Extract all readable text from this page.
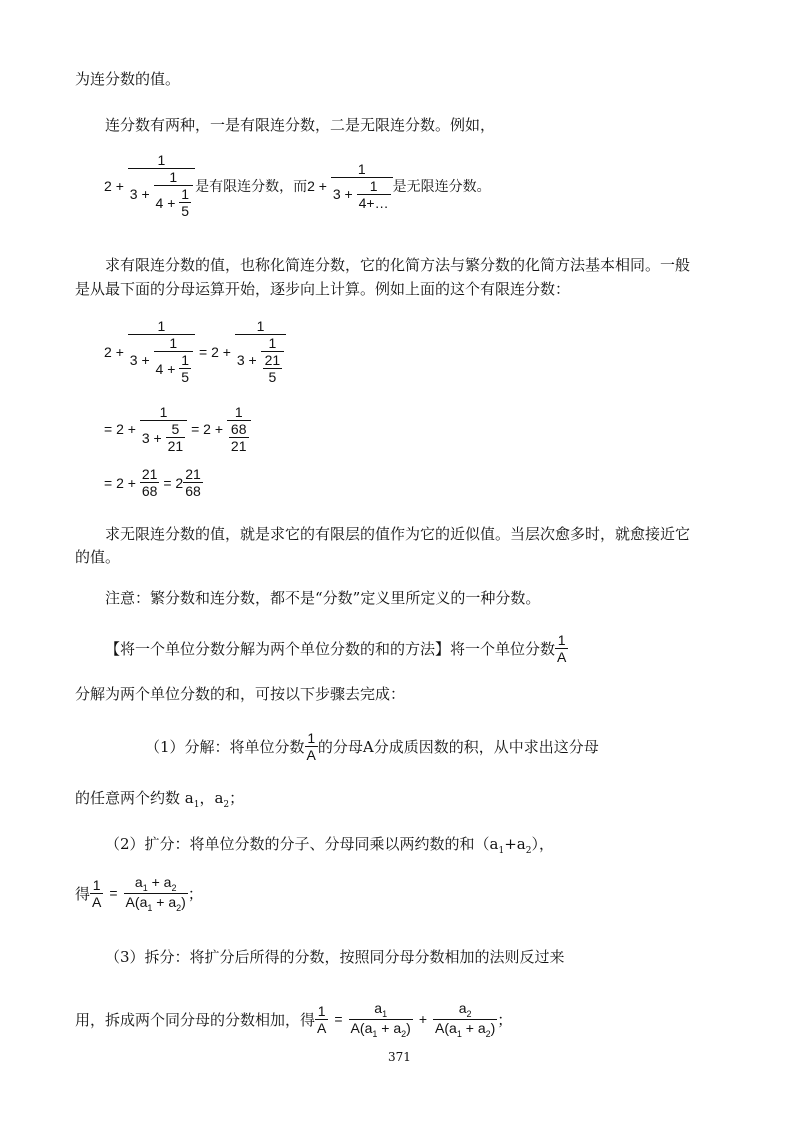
为连分数的值。
连分数有两种，一是有限连分数，二是无限连分数。例如，
2
+

1
3
+
1
4
+
$\frac{1}{5}$ 是有限连分数，而 2
+
1
3
+
$\frac{1}{4+\dots}$ 是无限连分数。
求有限连分数的值，也称化简连分数，它的化简方法与繁分数的化简方法基本相同。一般
是从最下面的分母运算开始，逐步向上计算。例如上面的这个有限连分数：
2
+

1
3
+
1
4
+
$\frac{1}{5}$
=
2
+

1
3
+
$\frac{1}{\frac{21}{5}}$
=
2
+
1
3
+
$\frac{5}{21}$
=
2
+
$\frac{1}{\frac{68}{21}}$
=
2
+
$\frac{21}{68}$
=
$2 \frac{21}{68}$
求无限连分数的值，就是求它的有限层的值作为它的近似值。当层次愈多时，就愈接近它
的值。
注意：繁分数和连分数，都不是“分数”定义里所定义的一种分数。
【将一个单位分数分解为两个单位分数的和的方法】将一个单位分数 $\frac{1}{A}$
分解为两个单位分数的和，可按以下步骤去完成：
（1）分解：将单位分数 $\frac{1}{A}$ 的分母A分成质因数的积，从中求出这分母
的任意两个约数 $a_1$，$a_2$；
（2）扩分：将单位分数的分子、分母同乘以两约数的和$(a_1+a_2)$，
得 $\frac{1}{A} = \frac{a_1 + a_2}{A(a_1 + a_2)}$ ；
（3）拆分：将扩分后所得的分数，按照同分母分数相加的法则反过来
用，拆成两个同分母的分数相加，得 $\frac{1}{A} = \frac{a_1}{A(a_1 + a_2)} + \frac{a_2}{A(a_1 + a_2)}$ ；
371
